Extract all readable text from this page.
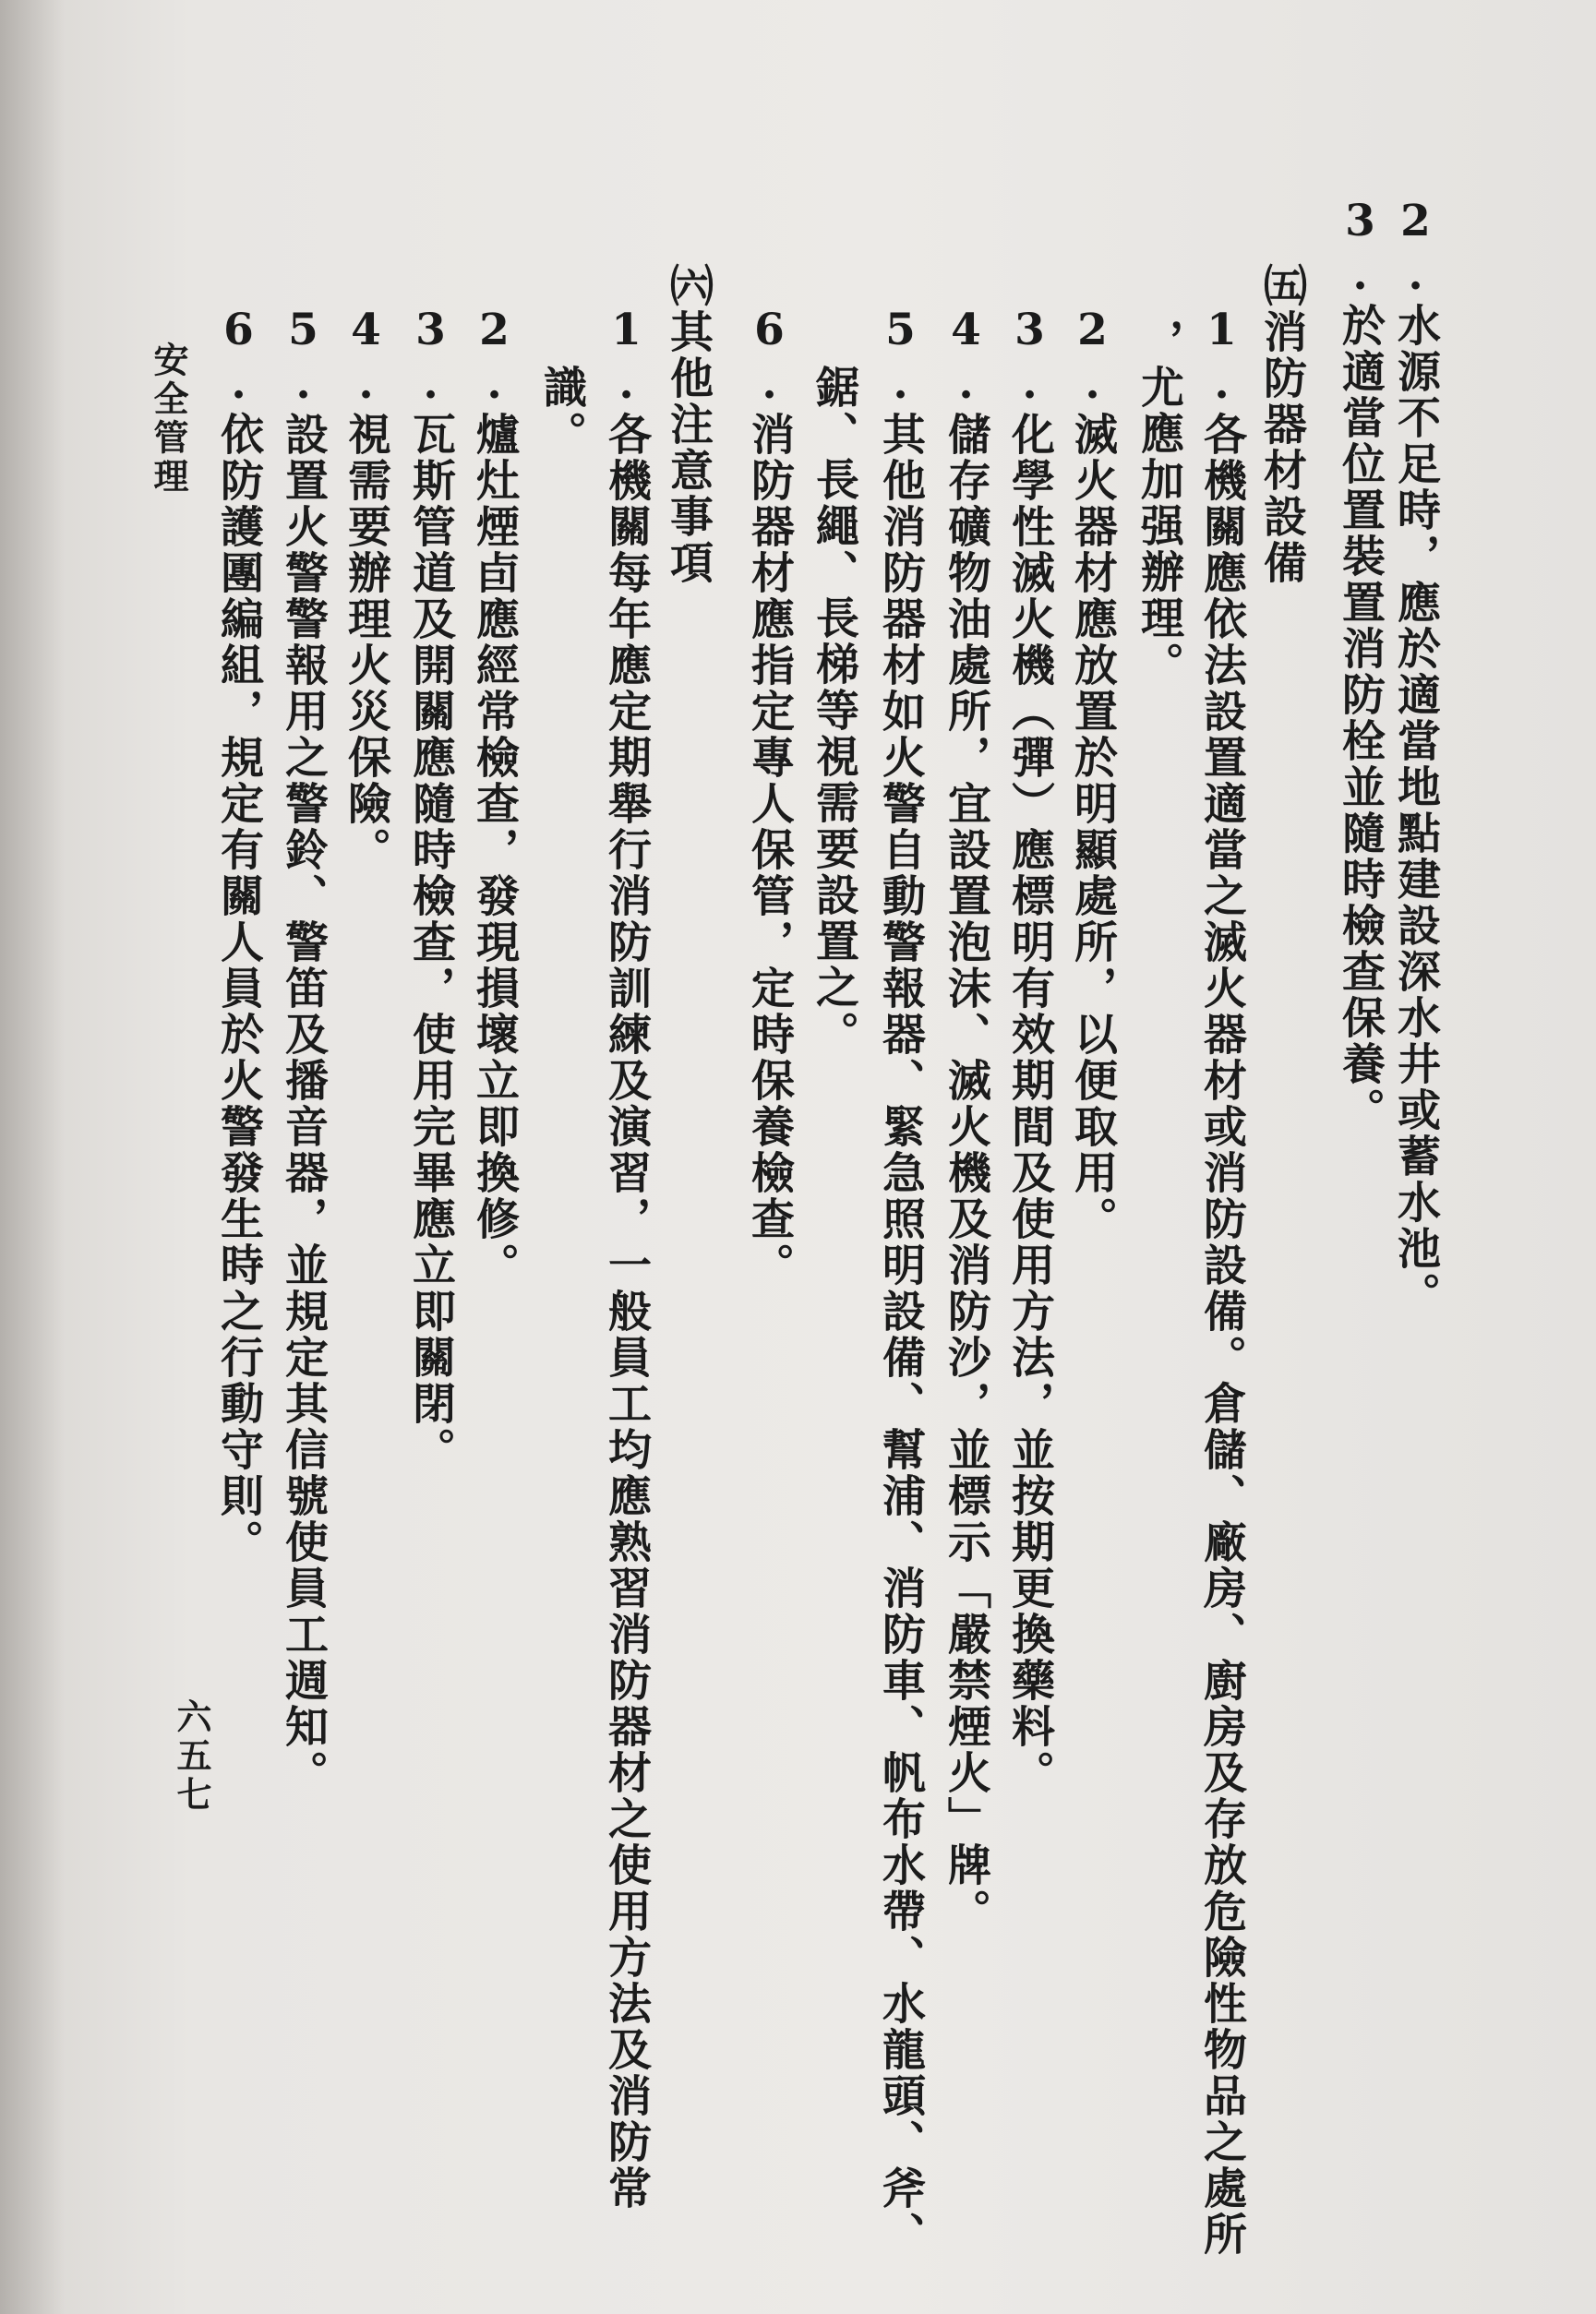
2.水源不足時，應於適當地點建設深水井或蓄水池。
3.於適當位置裝置消防栓並隨時檢查保養。
㈤消防器材設備
1.各機關應依法設置適當之滅火器材或消防設備。倉儲、廠房、廚房及存放危險性物品之處所
，尤應加强辦理。
2.滅火器材應放置於明顯處所，以便取用。
3.化學性滅火機（彈）應標明有效期間及使用方法，並按期更換藥料。
4.儲存礦物油處所，宜設置泡沫、滅火機及消防沙，並標示「嚴禁煙火」牌。
5.其他消防器材如火警自動警報器、緊急照明設備、幫浦、消防車、帆布水帶、水龍頭、斧、
鋸、長繩、長梯等視需要設置之。
6.消防器材應指定專人保管，定時保養檢查。
㈥其他注意事項
1.各機關每年應定期舉行消防訓練及演習，一般員工均應熟習消防器材之使用方法及消防常
識。
2.爐灶煙卣應經常檢查，發現損壞立即換修。
3.瓦斯管道及開關應隨時檢查，使用完畢應立即關閉。
4.視需要辦理火災保險。
5.設置火警警報用之警鈴、警笛及播音器，並規定其信號使員工週知。
6.依防護團編組，規定有關人員於火警發生時之行動守則。
安全管理
六五七
